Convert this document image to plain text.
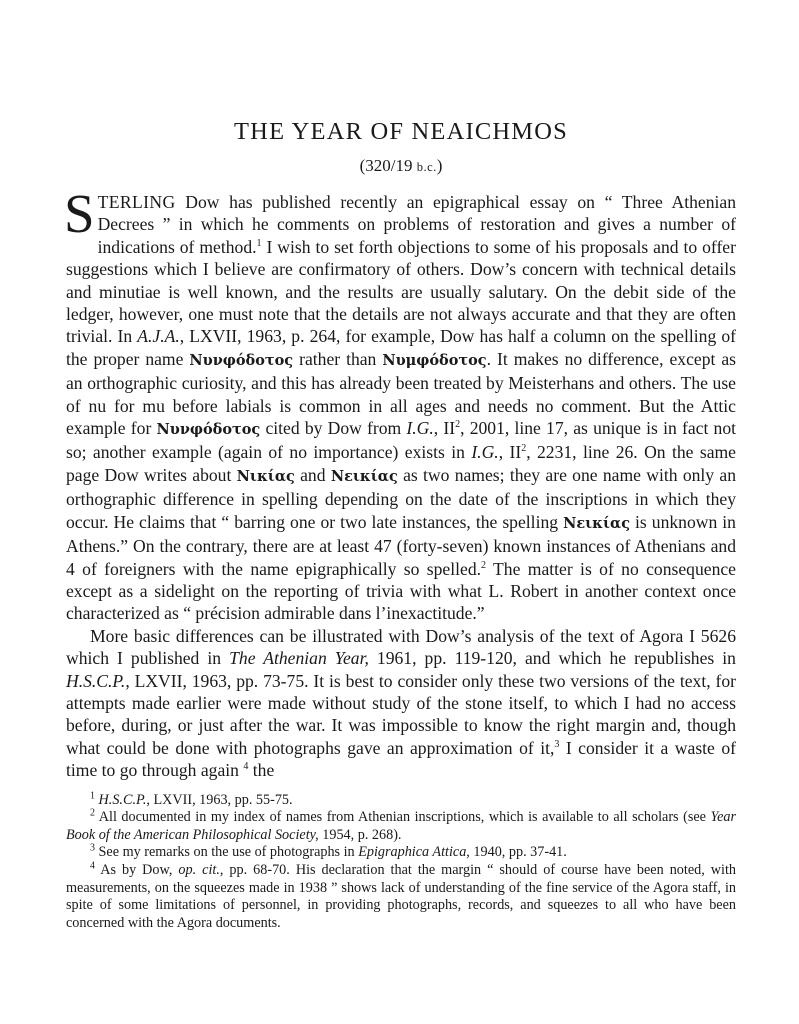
THE YEAR OF NEAICHMOS
(320/19 b.c.)

STERLING Dow has published recently an epigraphical essay on “ Three Athenian Decrees ” in which he comments on problems of restoration and gives a number of indications of method.$^1$ I wish to set forth objections to some of his proposals and to offer suggestions which I believe are confirmatory of others. Dow’s concern with technical details and minutiae is well known, and the results are usually salutary. On the debit side of the ledger, however, one must note that the details are not always accurate and that they are often trivial. In A.J.A., LXVII, 1963, p. 264, for example, Dow has half a column on the spelling of the proper name Νυνφόδοτος rather than Νυμφόδοτος. It makes no difference, except as an orthographic curiosity, and this has already been treated by Meisterhans and others. The use of nu for mu before labials is common in all ages and needs no comment. But the Attic example for Νυνφόδοτος cited by Dow from I.G., $II^2$, 2001, line 17, as unique is in fact not so; another example (again of no importance) exists in I.G., $II^2$, 2231, line 26. On the same page Dow writes about Νικίας and Νεικίας as two names; they are one name with only an orthographic difference in spelling depending on the date of the inscriptions in which they occur. He claims that “ barring one or two late instances, the spelling Νεικίας is unknown in Athens.” On the contrary, there are at least 47 (forty-seven) known instances of Athenians and 4 of foreigners with the name epigraphically so spelled.$^2$ The matter is of no consequence except as a sidelight on the reporting of trivia with what L. Robert in another context once characterized as “ précision admirable dans l’inexactitude.”

More basic differences can be illustrated with Dow’s analysis of the text of Agora I 5626 which I published in The Athenian Year, 1961, pp. 119-120, and which he republishes in H.S.C.P., LXVII, 1963, pp. 73-75. It is best to consider only these two versions of the text, for attempts made earlier were made without study of the stone itself, to which I had no access before, during, or just after the war. It was impossible to know the right margin and, though what could be done with photographs gave an approximation of it,$^3$ I consider it a waste of time to go through again $^4$ the

$^1$ H.S.C.P., LXVII, 1963, pp. 55-75.

$^2$ All documented in my index of names from Athenian inscriptions, which is available to all scholars (see Year Book of the American Philosophical Society, 1954, p. 268).

$^3$ See my remarks on the use of photographs in Epigraphica Attica, 1940, pp. 37-41.

$^4$ As by Dow, op. cit., pp. 68-70. His declaration that the margin “ should of course have been noted, with measurements, on the squeezes made in 1938 ” shows lack of understanding of the fine service of the Agora staff, in spite of some limitations of personnel, in providing photographs, records, and squeezes to all who have been concerned with the Agora documents.
